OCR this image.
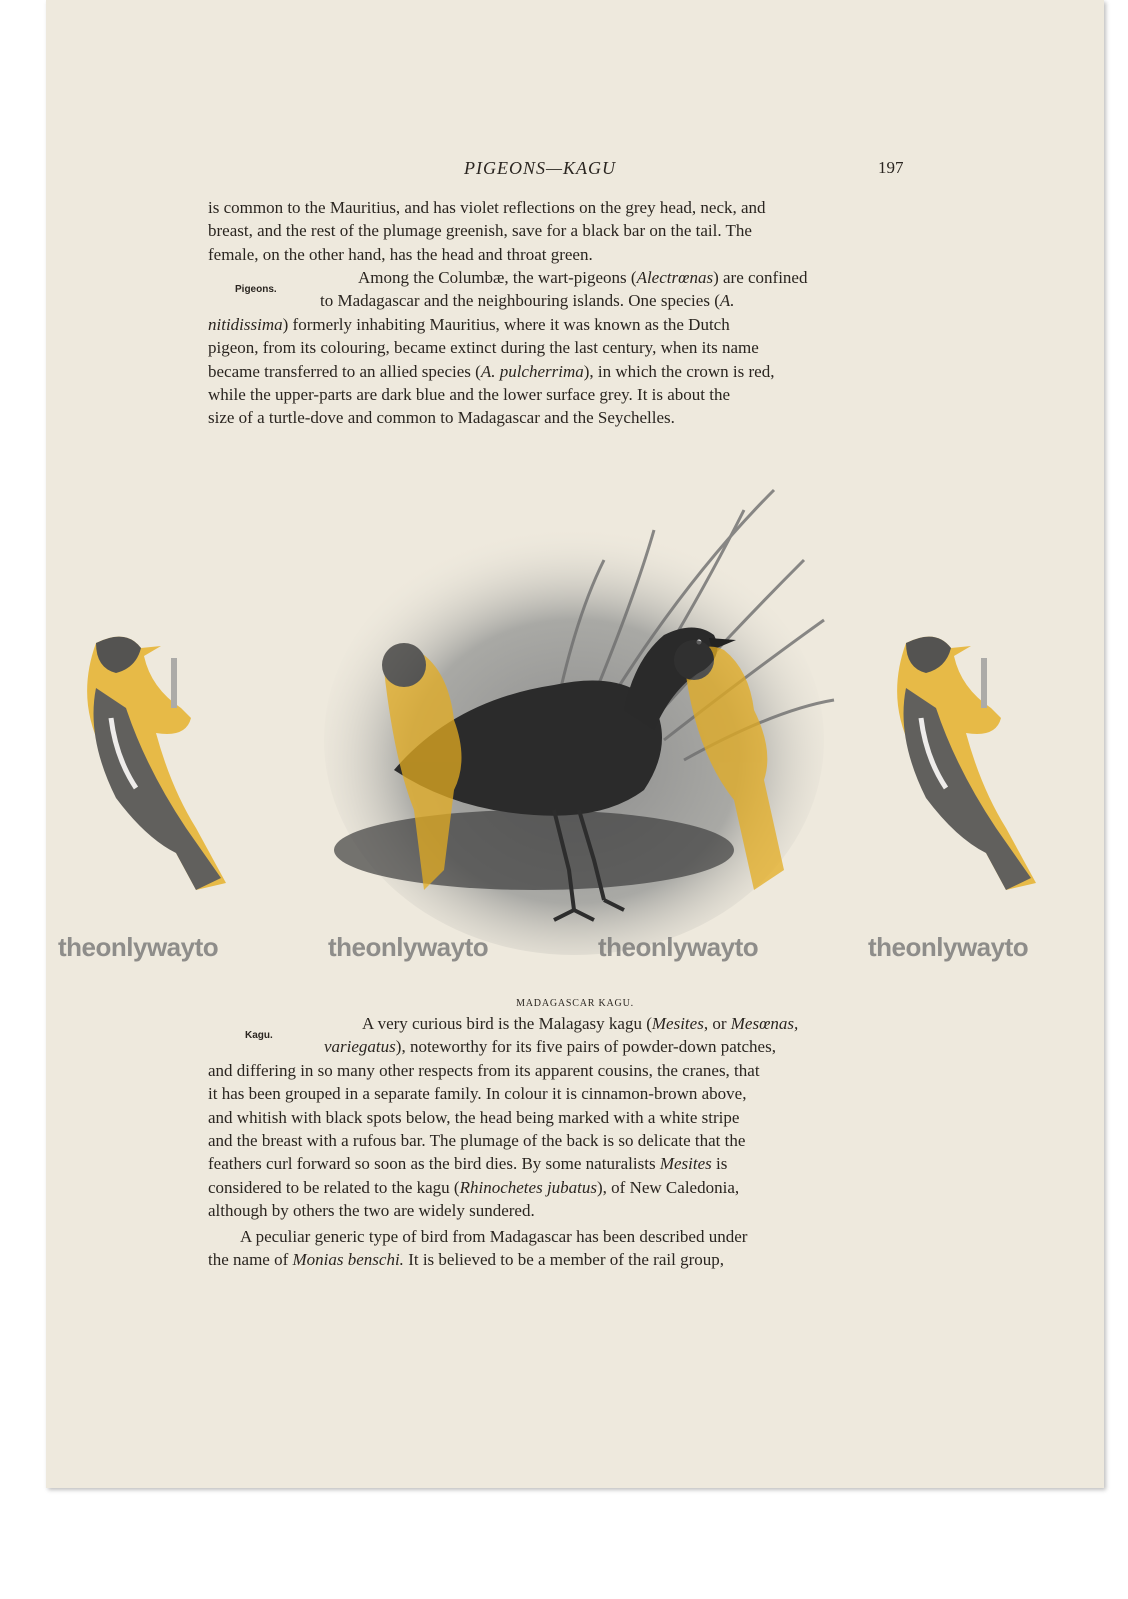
PIGEONS—KAGU	197
is common to the Mauritius, and has violet reflections on the grey head, neck, and
breast, and the rest of the plumage greenish, save for a black bar on the tail. The
female, on the other hand, has the head and throat green.
Pigeons.
Among the Columbæ, the wart-pigeons (Alectrœnas) are confined
to Madagascar and the neighbouring islands. One species (A.
nitidissima) formerly inhabiting Mauritius, where it was known as the Dutch
pigeon, from its colouring, became extinct during the last century, when its name
became transferred to an allied species (A. pulcherrima), in which the crown is red,
while the upper-parts are dark blue and the lower surface grey. It is about the
size of a turtle-dove and common to Madagascar and the Seychelles.
theonlywayto	theonlywayto	theonlywayto	theonlywayto
MADAGASCAR KAGU.
Kagu.
A very curious bird is the Malagasy kagu (Mesites, or Mesœnas,
variegatus), noteworthy for its five pairs of powder-down patches,
and differing in so many other respects from its apparent cousins, the cranes, that
it has been grouped in a separate family. In colour it is cinnamon-brown above,
and whitish with black spots below, the head being marked with a white stripe
and the breast with a rufous bar. The plumage of the back is so delicate that the
feathers curl forward so soon as the bird dies. By some naturalists Mesites is
considered to be related to the kagu (Rhinochetes jubatus), of New Caledonia,
although by others the two are widely sundered.
A peculiar generic type of bird from Madagascar has been described under
the name of Monias benschi. It is believed to be a member of the rail group,
